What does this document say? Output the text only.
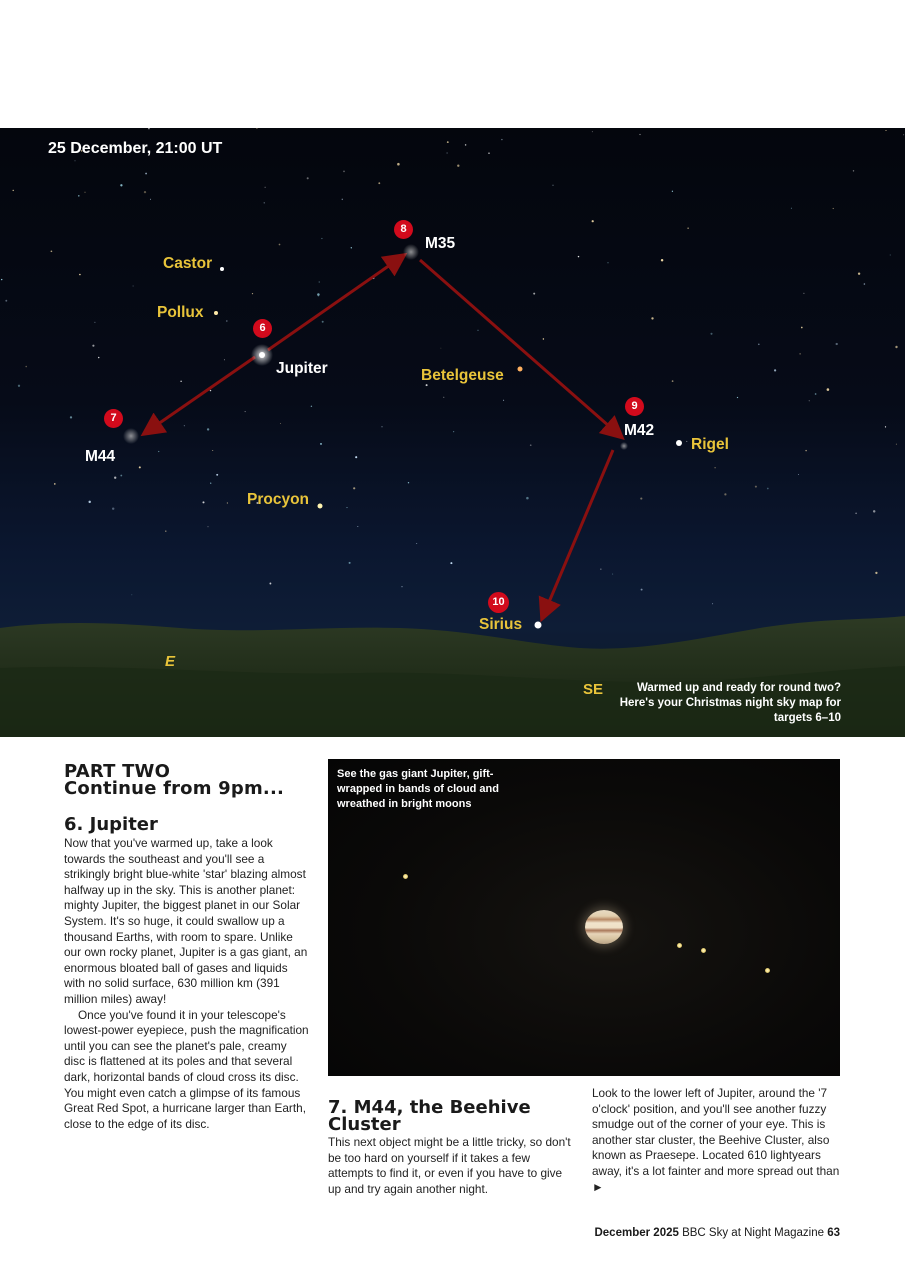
25 December, 21:00 UT
Castor
Pollux
Jupiter
M35
Betelgeuse
M42
Rigel
M44
Procyon
Sirius
E
SE
6
7
8
9
10
Warmed up and ready for round two? Here's your Christmas night sky map for targets 6–10
PART TWO
Continue from 9pm...
6. Jupiter

Now that you've warmed up, take a look towards the southeast and you'll see a strikingly bright blue-white 'star' blazing almost halfway up in the sky. This is another planet: mighty Jupiter, the biggest planet in our Solar System. It's so huge, it could swallow up a thousand Earths, with room to spare. Unlike our own rocky planet, Jupiter is a gas giant, an enormous bloated ball of gases and liquids with no solid surface, 630 million km (391 million miles) away!

Once you've found it in your telescope's lowest-power eyepiece, push the magnification until you can see the planet's pale, creamy disc is flattened at its poles and that several dark, horizontal bands of cloud cross its disc. You might even catch a glimpse of its famous Great Red Spot, a hurricane larger than Earth, close to the edge of its disc.

See the gas giant Jupiter, gift-wrapped in bands of cloud and wreathed in bright moons
7. M44, the Beehive
Cluster

This next object might be a little tricky, so don't be too hard on yourself if it takes a few attempts to find it, or even if you have to give up and try again another night.

Look to the lower left of Jupiter, around the '7 o'clock' position, and you'll see another fuzzy smudge out of the corner of your eye. This is another star cluster, the Beehive Cluster, also known as Praesepe. Located 610 lightyears away, it's a lot fainter and more spread out than ►

December 2025 BBC Sky at Night Magazine 63
